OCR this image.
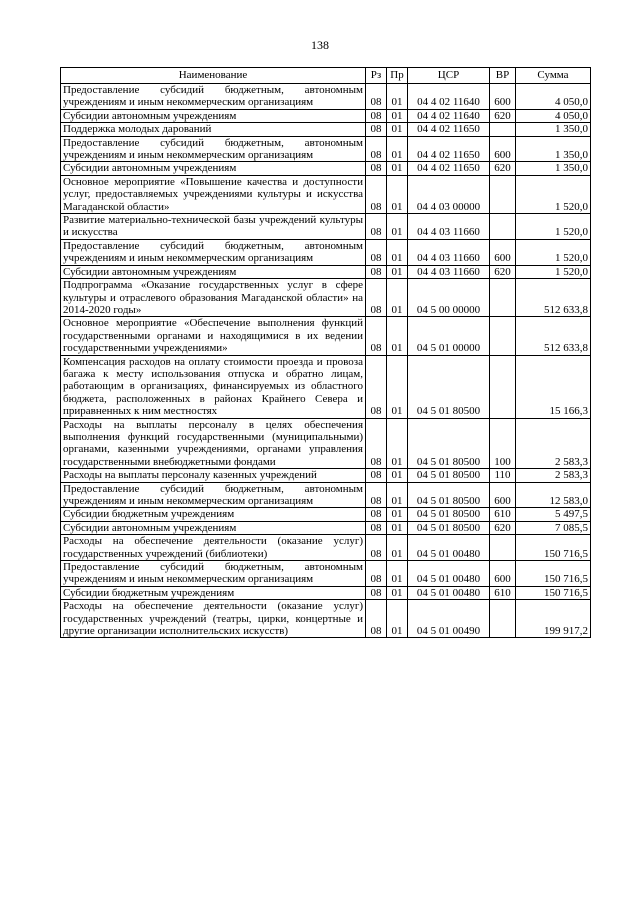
138
Наименование	Рз	Пр	ЦСР	ВР	Сумма
Предоставление субсидий бюджетным, автономным учреждениям и иным некоммерческим организациям	08	01	04 4 02 11640	600	4 050,0
Субсидии автономным учреждениям	08	01	04 4 02 11640	620	4 050,0
Поддержка молодых дарований	08	01	04 4 02 11650		1 350,0
Предоставление субсидий бюджетным, автономным учреждениям и иным некоммерческим организациям	08	01	04 4 02 11650	600	1 350,0
Субсидии автономным учреждениям	08	01	04 4 02 11650	620	1 350,0
Основное мероприятие «Повышение качества и доступности услуг, предоставляемых учреждениями культуры и искусства Магаданской области»	08	01	04 4 03 00000		1 520,0
Развитие материально-технической базы учреждений культуры и искусства	08	01	04 4 03 11660		1 520,0
Предоставление субсидий бюджетным, автономным учреждениям и иным некоммерческим организациям	08	01	04 4 03 11660	600	1 520,0
Субсидии автономным учреждениям	08	01	04 4 03 11660	620	1 520,0
Подпрограмма «Оказание государственных услуг в сфере культуры и отраслевого образования Магаданской области» на 2014-2020 годы»	08	01	04 5 00 00000		512 633,8
Основное мероприятие «Обеспечение выполнения функций государственными органами и находящимися в их ведении государственными учреждениями»	08	01	04 5 01 00000		512 633,8
Компенсация расходов на оплату стоимости проезда и провоза багажа к месту использования отпуска и обратно лицам, работающим в организациях, финансируемых из областного бюджета, расположенных в районах Крайнего Севера и приравненных к ним местностях	08	01	04 5 01 80500		15 166,3
Расходы на выплаты персоналу в целях обеспечения выполнения функций государственными (муниципальными) органами, казенными учреждениями, органами управления государственными внебюджетными фондами	08	01	04 5 01 80500	100	2 583,3
Расходы на выплаты персоналу казенных учреждений	08	01	04 5 01 80500	110	2 583,3
Предоставление субсидий бюджетным, автономным учреждениям и иным некоммерческим организациям	08	01	04 5 01 80500	600	12 583,0
Субсидии бюджетным учреждениям	08	01	04 5 01 80500	610	5 497,5
Субсидии автономным учреждениям	08	01	04 5 01 80500	620	7 085,5
Расходы на обеспечение деятельности (оказание услуг) государственных учреждений (библиотеки)	08	01	04 5 01 00480		150 716,5
Предоставление субсидий бюджетным, автономным учреждениям и иным некоммерческим организациям	08	01	04 5 01 00480	600	150 716,5
Субсидии бюджетным учреждениям	08	01	04 5 01 00480	610	150 716,5
Расходы на обеспечение деятельности (оказание услуг) государственных учреждений (театры, цирки, концертные и другие организации исполнительских искусств)	08	01	04 5 01 00490		199 917,2
